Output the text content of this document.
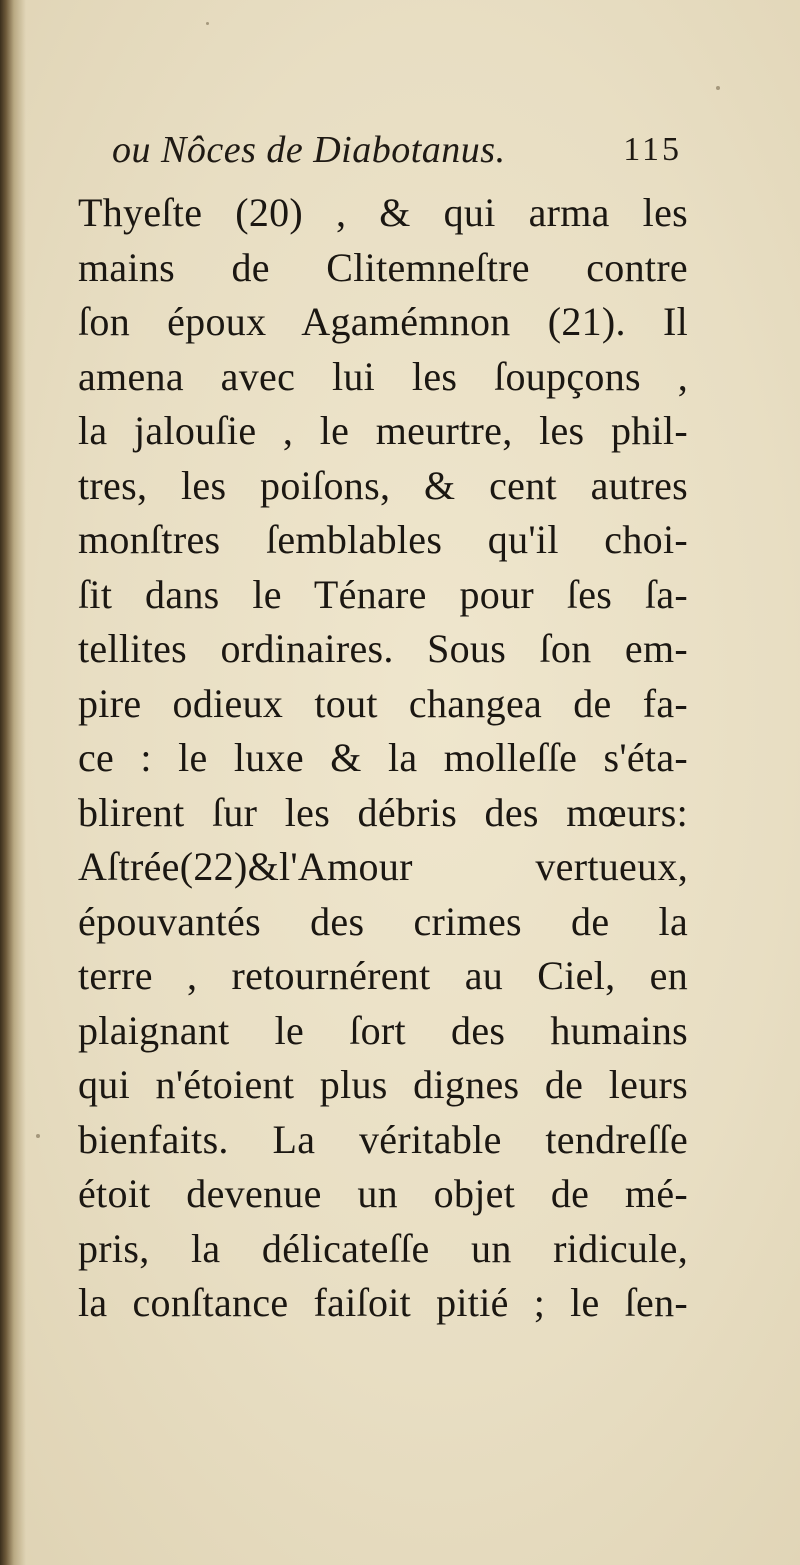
ou Nôces de Diabotanus.	115
Thyeſte (20) , & qui arma les
mains de Clitemneſtre contre
ſon époux Agamémnon (21). Il
amena avec lui les ſoupçons ,
la jalouſie , le meurtre, les phil-
tres, les poiſons, & cent autres
monſtres ſemblables qu'il choi-
ſit dans le Ténare pour ſes ſa-
tellites ordinaires. Sous ſon em-
pire odieux tout changea de fa-
ce : le luxe & la molleſſe s'éta-
blirent ſur les débris des mœurs:
Aſtrée(22)&l'Amour vertueux,
épouvantés des crimes de la
terre , retournérent au Ciel, en
plaignant le ſort des humains
qui n'étoient plus dignes de leurs
bienfaits. La véritable tendreſſe
étoit devenue un objet de mé-
pris, la délicateſſe un ridicule,
la conſtance faiſoit pitié ; le ſen-
